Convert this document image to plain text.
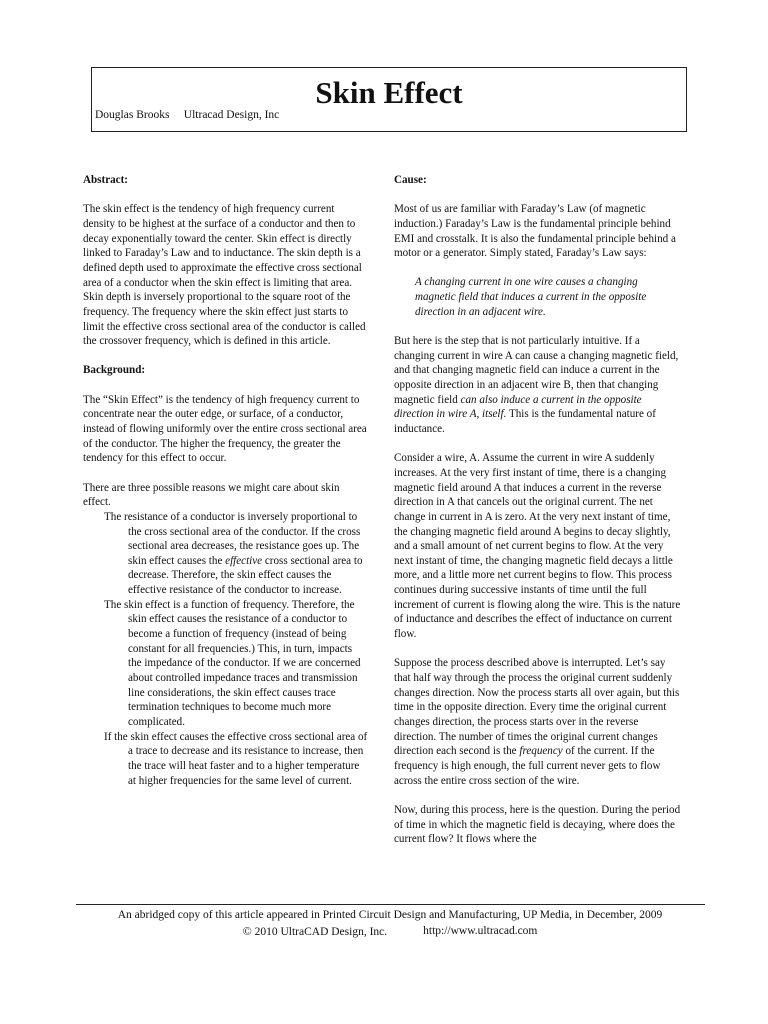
Skin Effect
Douglas Brooks     Ultracad Design, Inc
Abstract:

The skin effect is the tendency of high frequency current density to be highest at the surface of a conductor and then to decay exponentially toward the center. Skin effect is directly linked to Faraday’s Law and to inductance. The skin depth is a defined depth used to approximate the effective cross sectional area of a conductor when the skin effect is limiting that area. Skin depth is inversely proportional to the square root of the frequency. The frequency where the skin effect just starts to limit the effective cross sectional area of the conductor is called the crossover frequency, which is defined in this article.

Background:

The “Skin Effect” is the tendency of high frequency current to concentrate near the outer edge, or surface, of a conductor, instead of flowing uniformly over the entire cross sectional area of the conductor. The higher the frequency, the greater the tendency for this effect to occur.

There are three possible reasons we might care about skin effect.

The resistance of a conductor is inversely proportional to the cross sectional area of the conductor. If the cross sectional area decreases, the resistance goes up. The skin effect causes the effective cross sectional area to decrease. Therefore, the skin effect causes the effective resistance of the conductor to increase.
The skin effect is a function of frequency. Therefore, the skin effect causes the resistance of a conductor to become a function of frequency (instead of being constant for all frequencies.) This, in turn, impacts the impedance of the conductor. If we are concerned about controlled impedance traces and transmission line considerations, the skin effect causes trace termination techniques to become much more complicated.
If the skin effect causes the effective cross sectional area of a trace to decrease and its resistance to increase, then the trace will heat faster and to a higher temperature at higher frequencies for the same level of current.
Cause:

Most of us are familiar with Faraday’s Law (of magnetic induction.) Faraday’s Law is the fundamental principle behind EMI and crosstalk. It is also the fundamental principle behind a motor or a generator. Simply stated, Faraday’s Law says:

A changing current in one wire causes a changing magnetic field that induces a current in the opposite direction in an adjacent wire.

But here is the step that is not particularly intuitive. If a changing current in wire A can cause a changing magnetic field, and that changing magnetic field can induce a current in the opposite direction in an adjacent wire B, then that changing magnetic field can also induce a current in the opposite direction in wire A, itself. This is the fundamental nature of inductance.

Consider a wire, A. Assume the current in wire A suddenly increases. At the very first instant of time, there is a changing magnetic field around A that induces a current in the reverse direction in A that cancels out the original current. The net change in current in A is zero. At the very next instant of time, the changing magnetic field around A begins to decay slightly, and a small amount of net current begins to flow. At the very next instant of time, the changing magnetic field decays a little more, and a little more net current begins to flow. This process continues during successive instants of time until the full increment of current is flowing along the wire. This is the nature of inductance and describes the effect of inductance on current flow.

Suppose the process described above is interrupted. Let’s say that half way through the process the original current suddenly changes direction. Now the process starts all over again, but this time in the opposite direction. Every time the original current changes direction, the process starts over in the reverse direction. The number of times the original current changes direction each second is the frequency of the current. If the frequency is high enough, the full current never gets to flow across the entire cross section of the wire.

Now, during this process, here is the question. During the period of time in which the magnetic field is decaying, where does the current flow? It flows where the

An abridged copy of this article appeared in Printed Circuit Design and Manufacturing, UP Media, in December, 2009
© 2010 UltraCAD Design, Inc.	http://www.ultracad.com
